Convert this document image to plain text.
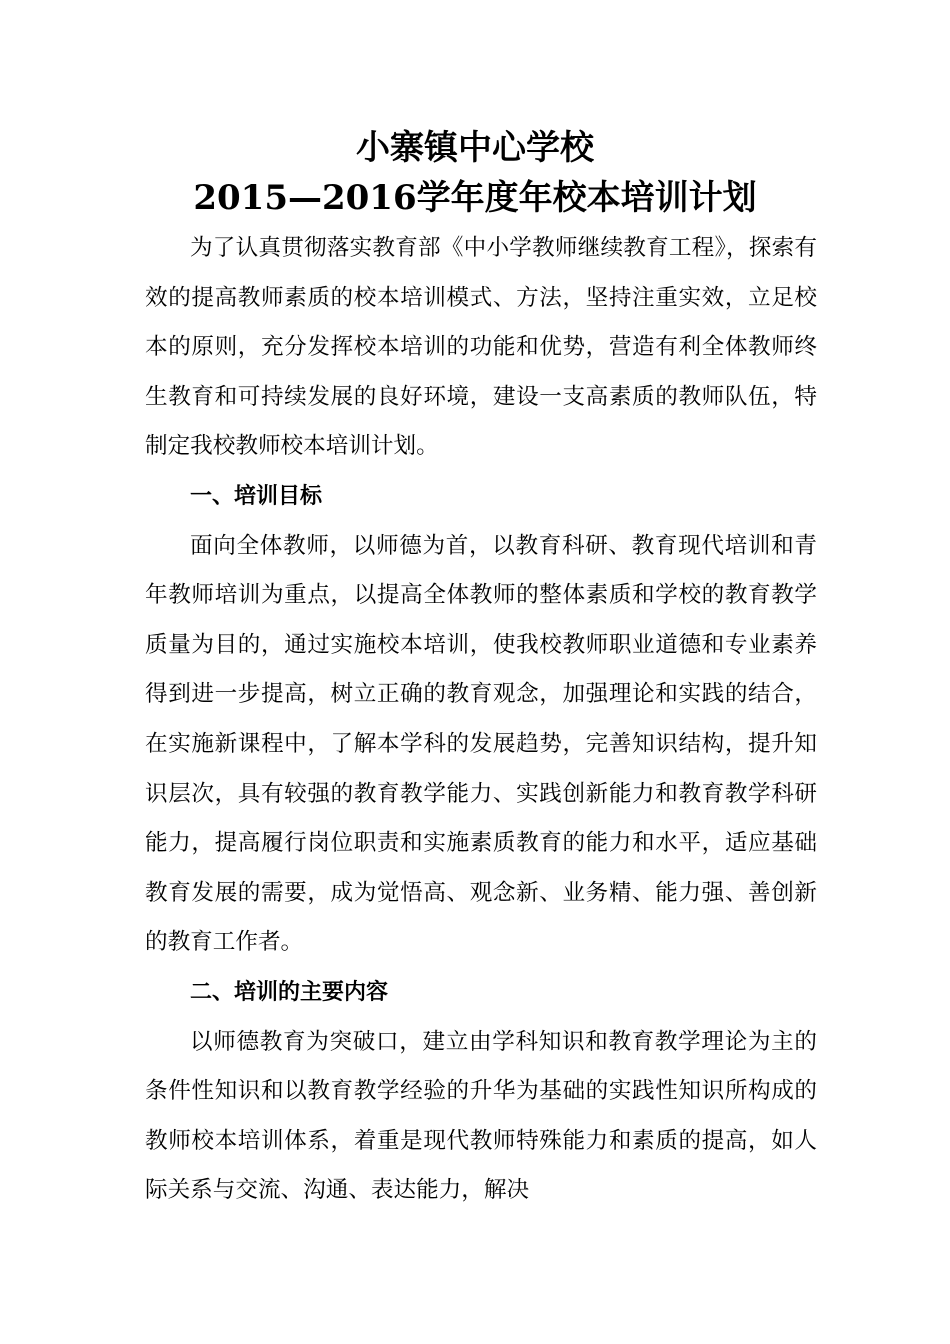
小寨镇中心学校
2015—2016学年度年校本培训计划

为了认真贯彻落实教育部《中小学教师继续教育工程》，探索有效的提高教师素质的校本培训模式、方法，坚持注重实效，立足校本的原则，充分发挥校本培训的功能和优势，营造有利全体教师终生教育和可持续发展的良好环境，建设一支高素质的教师队伍，特制定我校教师校本培训计划。

一、培训目标

面向全体教师，以师德为首，以教育科研、教育现代培训和青年教师培训为重点，以提高全体教师的整体素质和学校的教育教学质量为目的，通过实施校本培训，使我校教师职业道德和专业素养得到进一步提高，树立正确的教育观念，加强理论和实践的结合，在实施新课程中，了解本学科的发展趋势，完善知识结构，提升知识层次，具有较强的教育教学能力、实践创新能力和教育教学科研能力，提高履行岗位职责和实施素质教育的能力和水平，适应基础教育发展的需要，成为觉悟高、观念新、业务精、能力强、善创新的教育工作者。

二、培训的主要内容

以师德教育为突破口，建立由学科知识和教育教学理论为主的条件性知识和以教育教学经验的升华为基础的实践性知识所构成的教师校本培训体系，着重是现代教师特殊能力和素质的提高，如人际关系与交流、沟通、表达能力，解决
